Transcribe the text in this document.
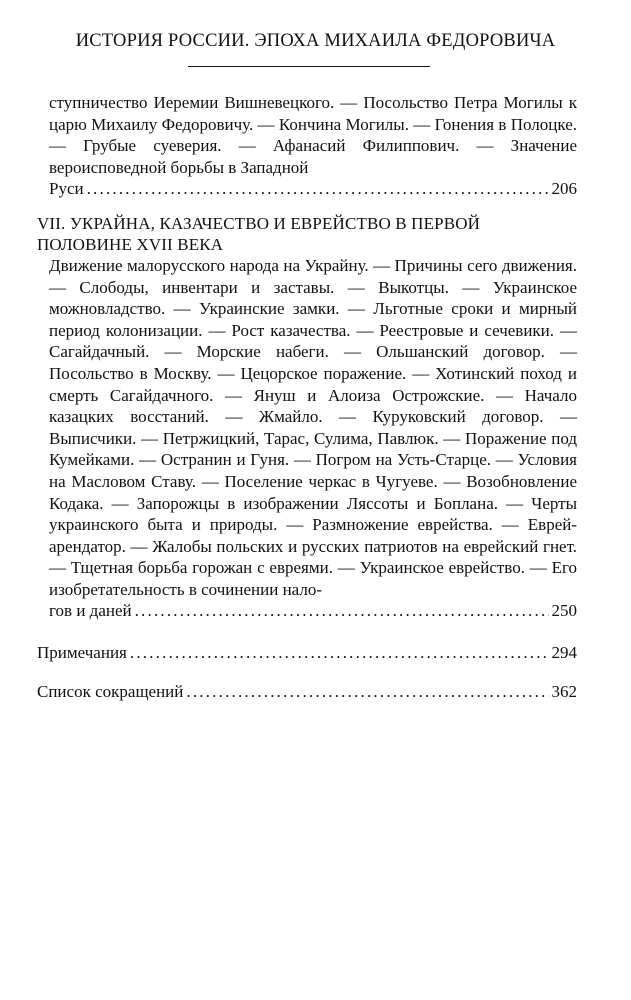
ИСТОРИЯ РОССИИ. ЭПОХА МИХАИЛА ФЕДОРОВИЧА

ступничество Иеремии Вишневецкого. — Посольство Петра Могилы к царю Михаилу Федоровичу. — Кончина Могилы. — Гонения в Полоцке. — Грубые суеверия. — Афанасий Филиппович. — Значение вероисповедной борьбы в Западной

Руси .....	206
VII. УКРАЙНА, КАЗАЧЕСТВО И ЕВРЕЙСТВО В ПЕРВОЙ
ПОЛОВИНЕ XVII ВЕКА

Движение малорусского народа на Украйну. — Причины сего движения. — Слободы, инвентари и заставы. — Выкотцы. — Украинское можновладство. — Украинские замки. — Льготные сроки и мирный период колонизации. — Рост казачества. — Реестровые и сечевики. — Сагайдачный. — Морские набеги. — Ольшанский договор. — Посольство в Москву. — Цецорское поражение. — Хотинский поход и смерть Сагайдачного. — Януш и Алоиза Острожские. — Начало казацких восстаний. — Жмайло. — Куруковский договор. — Выписчики. — Петржицкий, Тарас, Сулима, Павлюк. — Поражение под Кумейками. — Остранин и Гуня. — Погром на Усть-Старце. — Условия на Масловом Ставу. — Поселение черкас в Чугуеве. — Возобновление Кодака. — Запорожцы в изображении Ляссоты и Боплана. — Черты украинского быта и природы. — Размножение еврейства. — Еврей-арендатор. — Жалобы польских и русских патриотов на еврейский гнет. — Тщетная борьба горожан с евреями. — Украинское еврейство. — Его изобретательность в сочинении нало-

гов и даней .....	250
Примечания .....	294
Список сокращений .....	362
